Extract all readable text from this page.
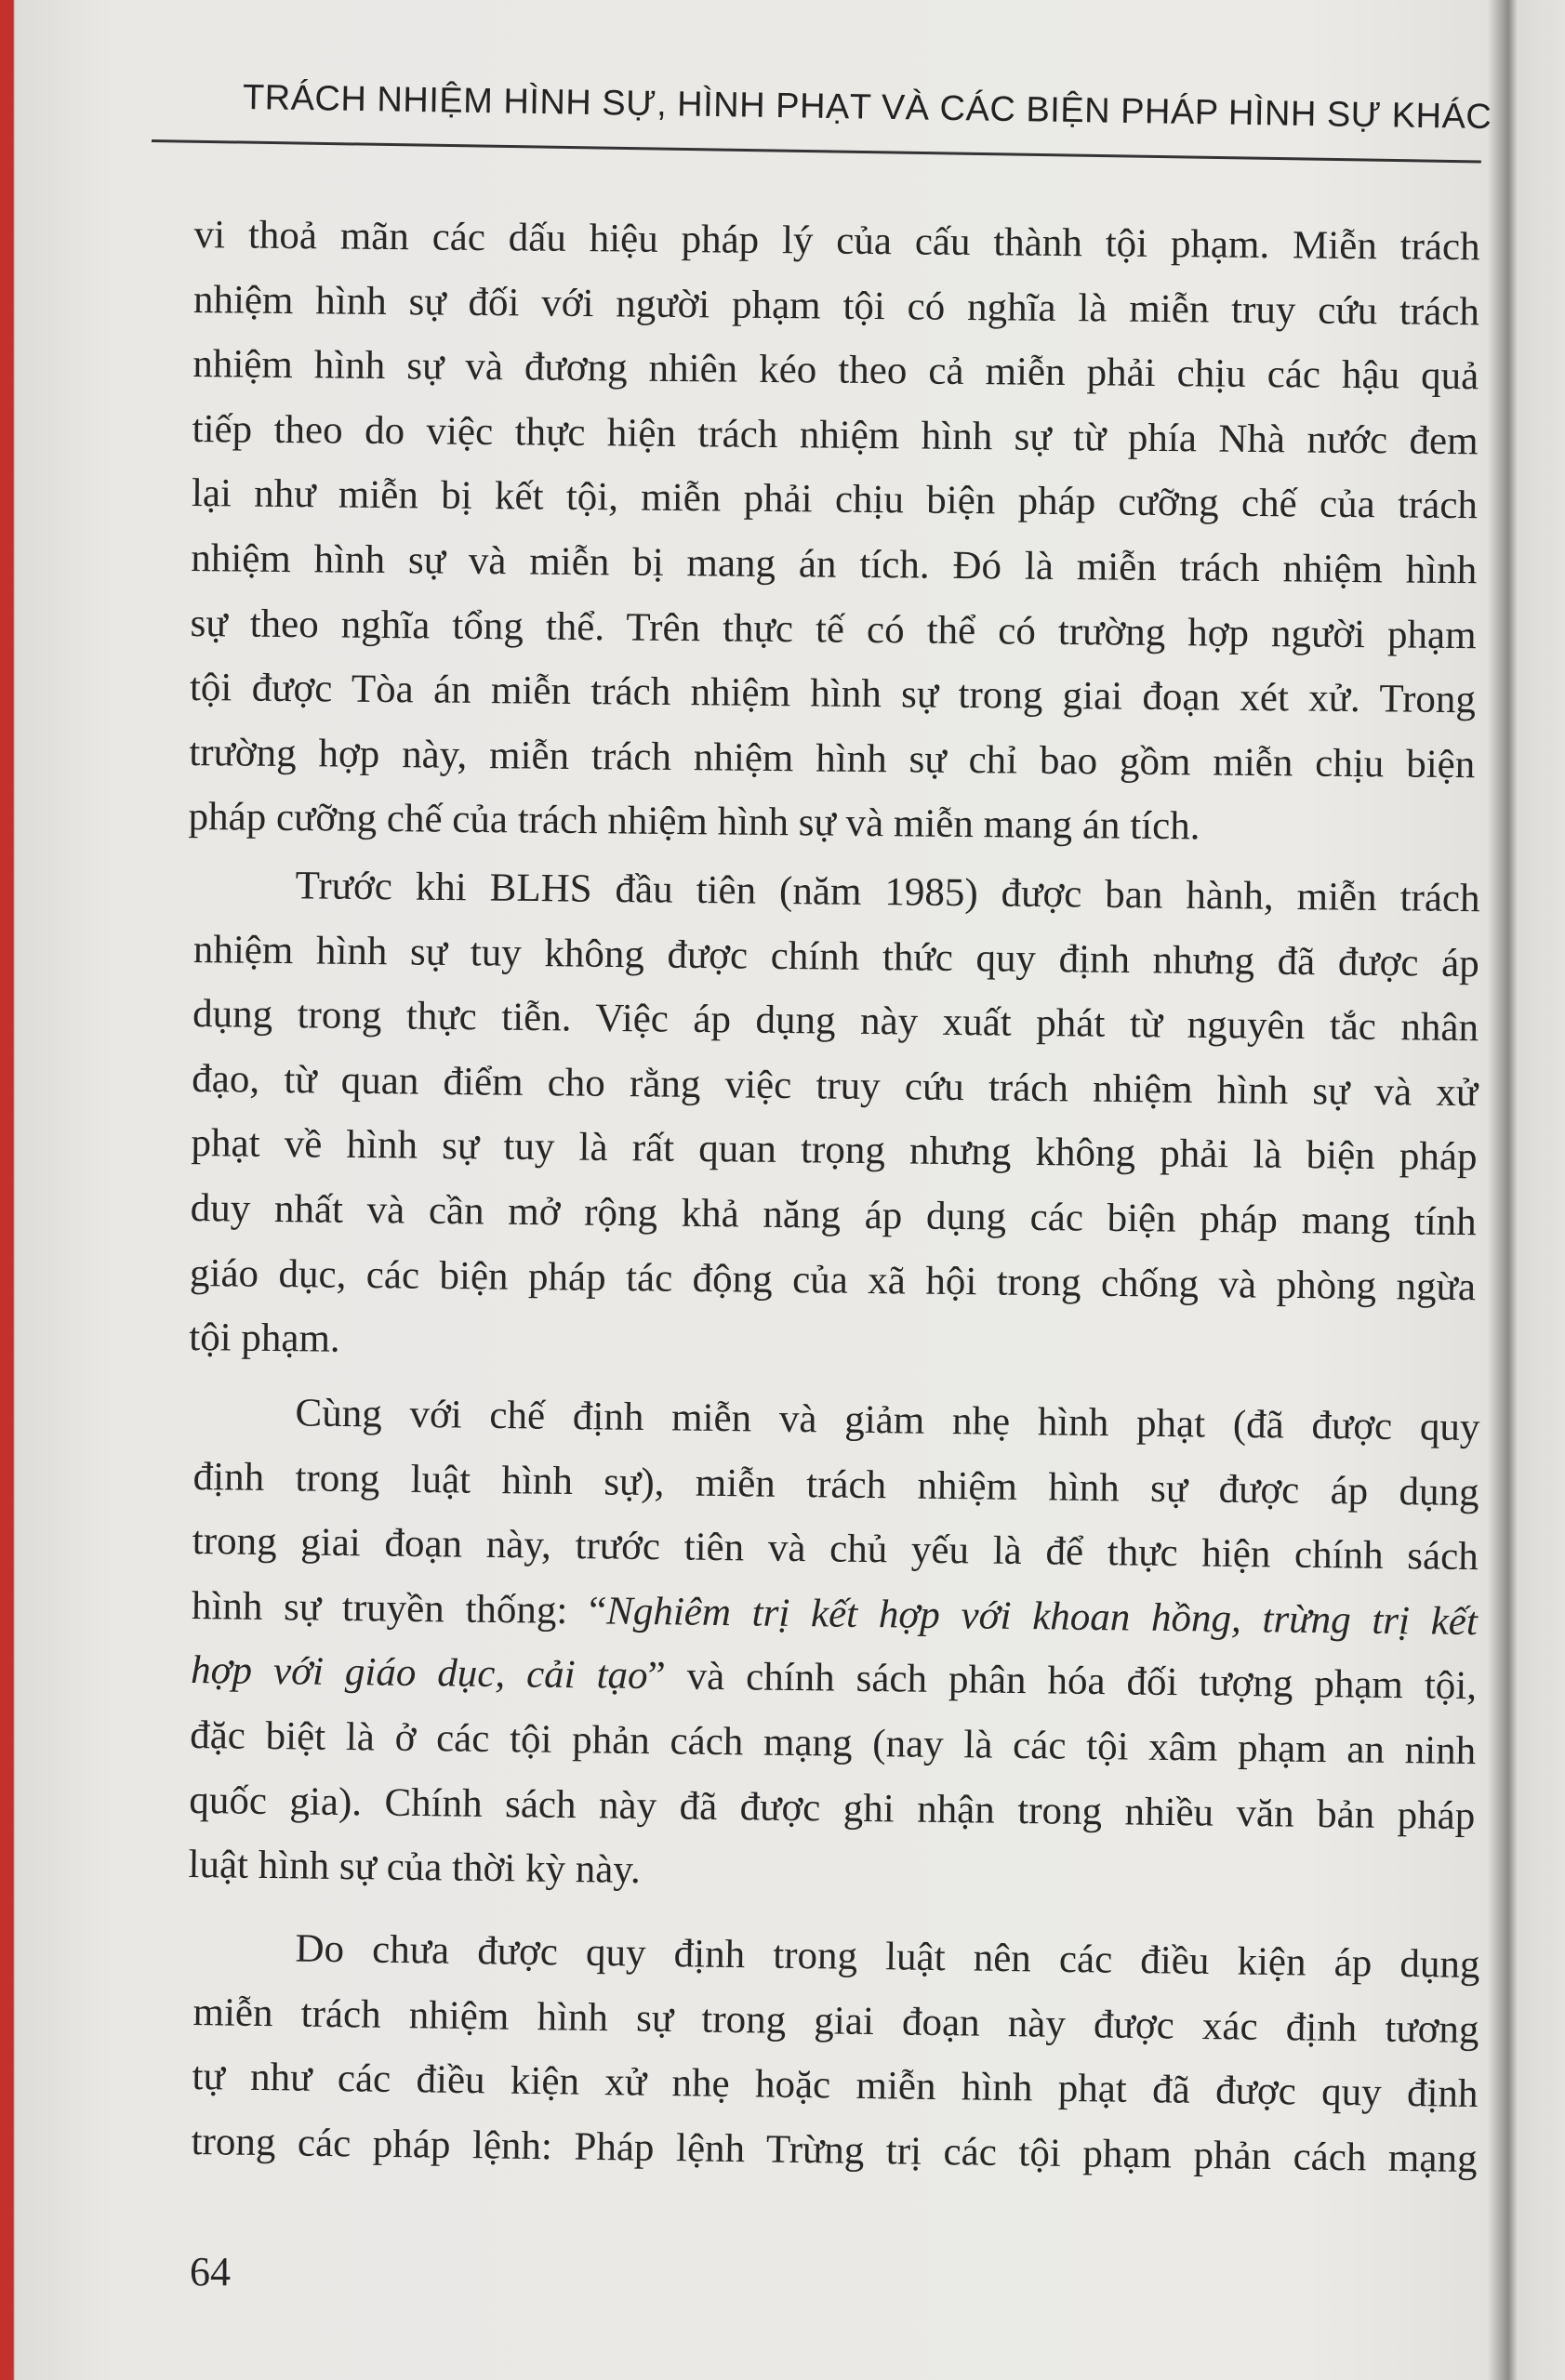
TRÁCH NHIỆM HÌNH SỰ, HÌNH PHẠT VÀ CÁC BIỆN PHÁP HÌNH SỰ KHÁC
vi thoả mãn các dấu hiệu pháp lý của cấu thành tội phạm. Miễn trách
nhiệm hình sự đối với người phạm tội có nghĩa là miễn truy cứu trách
nhiệm hình sự và đương nhiên kéo theo cả miễn phải chịu các hậu quả
tiếp theo do việc thực hiện trách nhiệm hình sự từ phía Nhà nước đem
lại như miễn bị kết tội, miễn phải chịu biện pháp cưỡng chế của trách
nhiệm hình sự và miễn bị mang án tích. Đó là miễn trách nhiệm hình
sự theo nghĩa tổng thể. Trên thực tế có thể có trường hợp người phạm
tội được Tòa án miễn trách nhiệm hình sự trong giai đoạn xét xử. Trong
trường hợp này, miễn trách nhiệm hình sự chỉ bao gồm miễn chịu biện
pháp cưỡng chế của trách nhiệm hình sự và miễn mang án tích.
Trước khi BLHS đầu tiên (năm 1985) được ban hành, miễn trách
nhiệm hình sự tuy không được chính thức quy định nhưng đã được áp
dụng trong thực tiễn. Việc áp dụng này xuất phát từ nguyên tắc nhân
đạo, từ quan điểm cho rằng việc truy cứu trách nhiệm hình sự và xử
phạt về hình sự tuy là rất quan trọng nhưng không phải là biện pháp
duy nhất và cần mở rộng khả năng áp dụng các biện pháp mang tính
giáo dục, các biện pháp tác động của xã hội trong chống và phòng ngừa
tội phạm.
Cùng với chế định miễn và giảm nhẹ hình phạt (đã được quy
định trong luật hình sự), miễn trách nhiệm hình sự được áp dụng
trong giai đoạn này, trước tiên và chủ yếu là để thực hiện chính sách
hình sự truyền thống: “Nghiêm trị kết hợp với khoan hồng, trừng trị kết
hợp với giáo dục, cải tạo” và chính sách phân hóa đối tượng phạm tội,
đặc biệt là ở các tội phản cách mạng (nay là các tội xâm phạm an ninh
quốc gia). Chính sách này đã được ghi nhận trong nhiều văn bản pháp
luật hình sự của thời kỳ này.
Do chưa được quy định trong luật nên các điều kiện áp dụng
miễn trách nhiệm hình sự trong giai đoạn này được xác định tương
tự như các điều kiện xử nhẹ hoặc miễn hình phạt đã được quy định
trong các pháp lệnh: Pháp lệnh Trừng trị các tội phạm phản cách mạng
64
